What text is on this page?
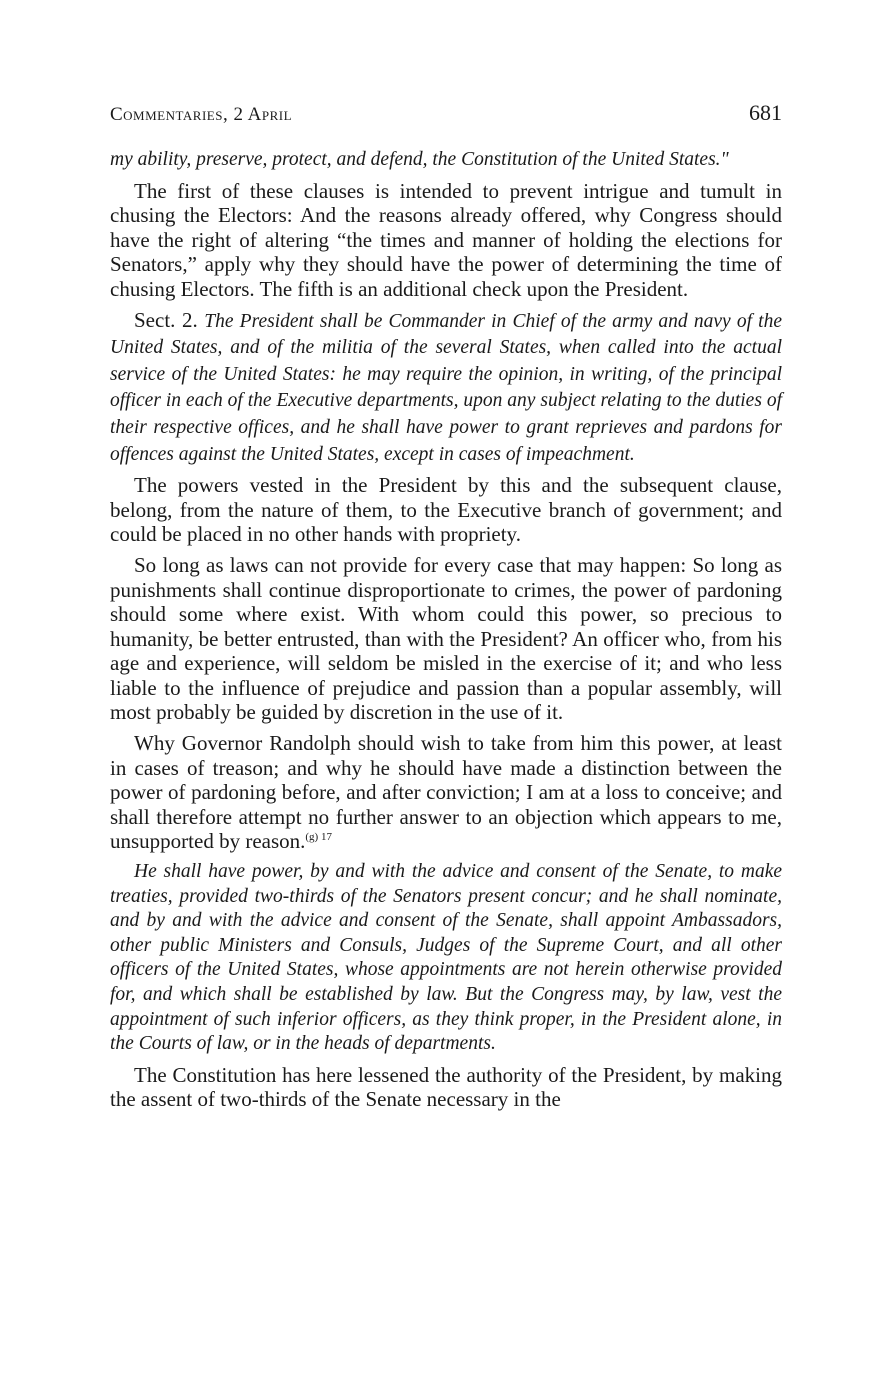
Commentaries, 2 April	681

my ability, preserve, protect, and defend, the Constitution of the United States."

The first of these clauses is intended to prevent intrigue and tumult in chusing the Electors: And the reasons already offered, why Congress should have the right of altering “the times and manner of holding the elections for Senators,” apply why they should have the power of determining the time of chusing Electors. The fifth is an additional check upon the President.

Sect. 2. The President shall be Commander in Chief of the army and navy of the United States, and of the militia of the several States, when called into the actual service of the United States: he may require the opinion, in writing, of the principal officer in each of the Executive departments, upon any subject relating to the duties of their respective offices, and he shall have power to grant reprieves and pardons for offences against the United States, except in cases of impeachment.

The powers vested in the President by this and the subsequent clause, belong, from the nature of them, to the Executive branch of government; and could be placed in no other hands with propriety.

So long as laws can not provide for every case that may happen: So long as punishments shall continue disproportionate to crimes, the power of pardoning should some where exist. With whom could this power, so precious to humanity, be better entrusted, than with the President? An officer who, from his age and experience, will seldom be misled in the exercise of it; and who less liable to the influence of prejudice and passion than a popular assembly, will most probably be guided by discretion in the use of it.

Why Governor Randolph should wish to take from him this power, at least in cases of treason; and why he should have made a distinction between the power of pardoning before, and after conviction; I am at a loss to conceive; and shall therefore attempt no further answer to an objection which appears to me, unsupported by reason.$^{(g) 17}$

He shall have power, by and with the advice and consent of the Senate, to make treaties, provided two-thirds of the Senators present concur; and he shall nominate, and by and with the advice and consent of the Senate, shall appoint Ambassadors, other public Ministers and Consuls, Judges of the Supreme Court, and all other officers of the United States, whose appointments are not herein otherwise provided for, and which shall be established by law. But the Congress may, by law, vest the appointment of such inferior officers, as they think proper, in the President alone, in the Courts of law, or in the heads of departments.

The Constitution has here lessened the authority of the President, by making the assent of two-thirds of the Senate necessary in the
